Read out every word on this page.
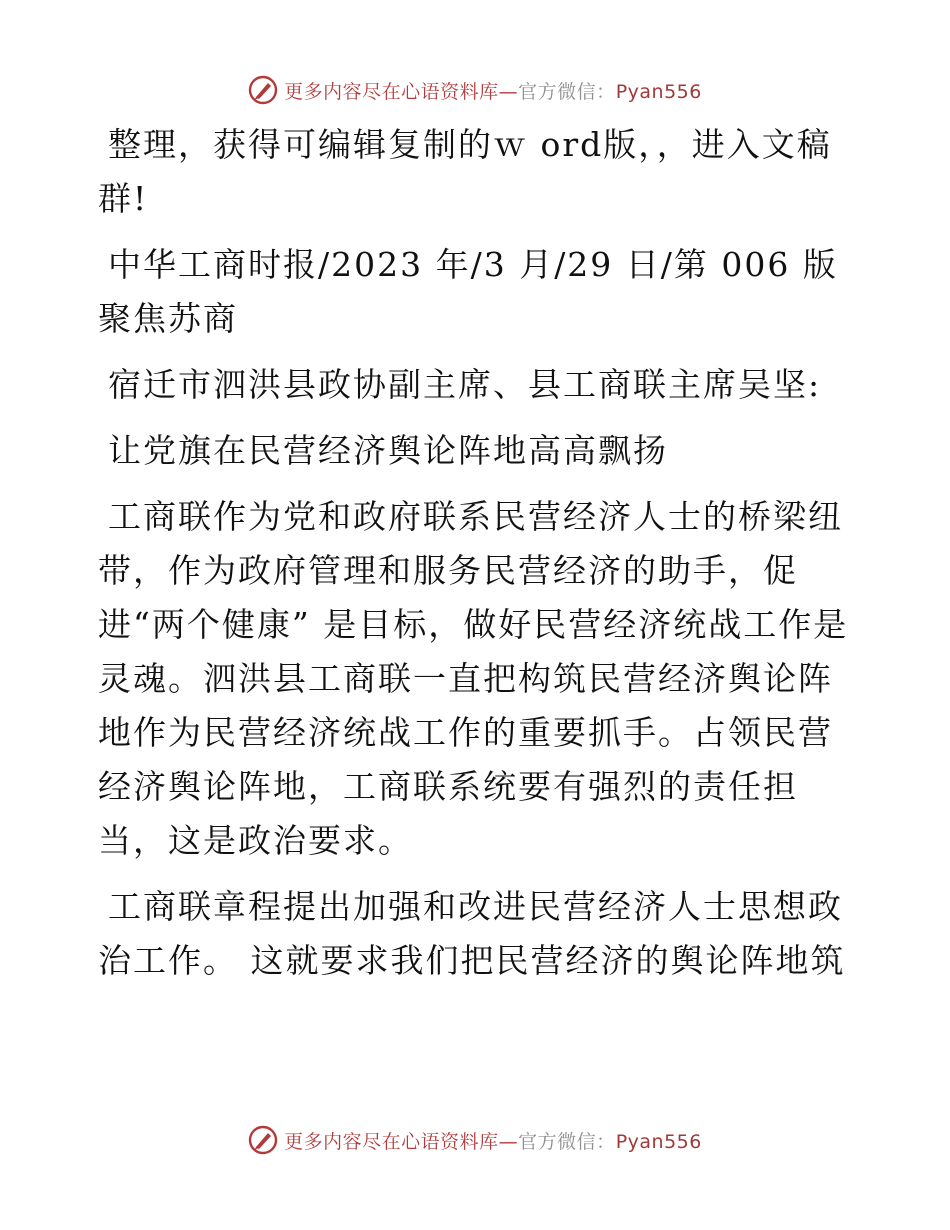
更多内容尽在心语资料库—官方微信：Pyan556

整理，获得可编辑复制的ｗ ord版，，进入文稿群!

中华工商时报/2023 年/3 月/29 日/第 006 版聚焦苏商

宿迁市泗洪县政协副主席、县工商联主席吴坚:

让党旗在民营经济舆论阵地高高飘扬

工商联作为党和政府联系民营经济人士的桥梁纽带，作为政府管理和服务民营经济的助手，促进“两个健康” 是目标，做好民营经济统战工作是灵魂。泗洪县工商联一直把构筑民营经济舆论阵地作为民营经济统战工作的重要抓手。占领民营经济舆论阵地，工商联系统要有强烈的责任担当，这是政治要求。

工商联章程提出加强和改进民营经济人士思想政治工作。 这就要求我们把民营经济的舆论阵地筑

更多内容尽在心语资料库—官方微信：Pyan556
